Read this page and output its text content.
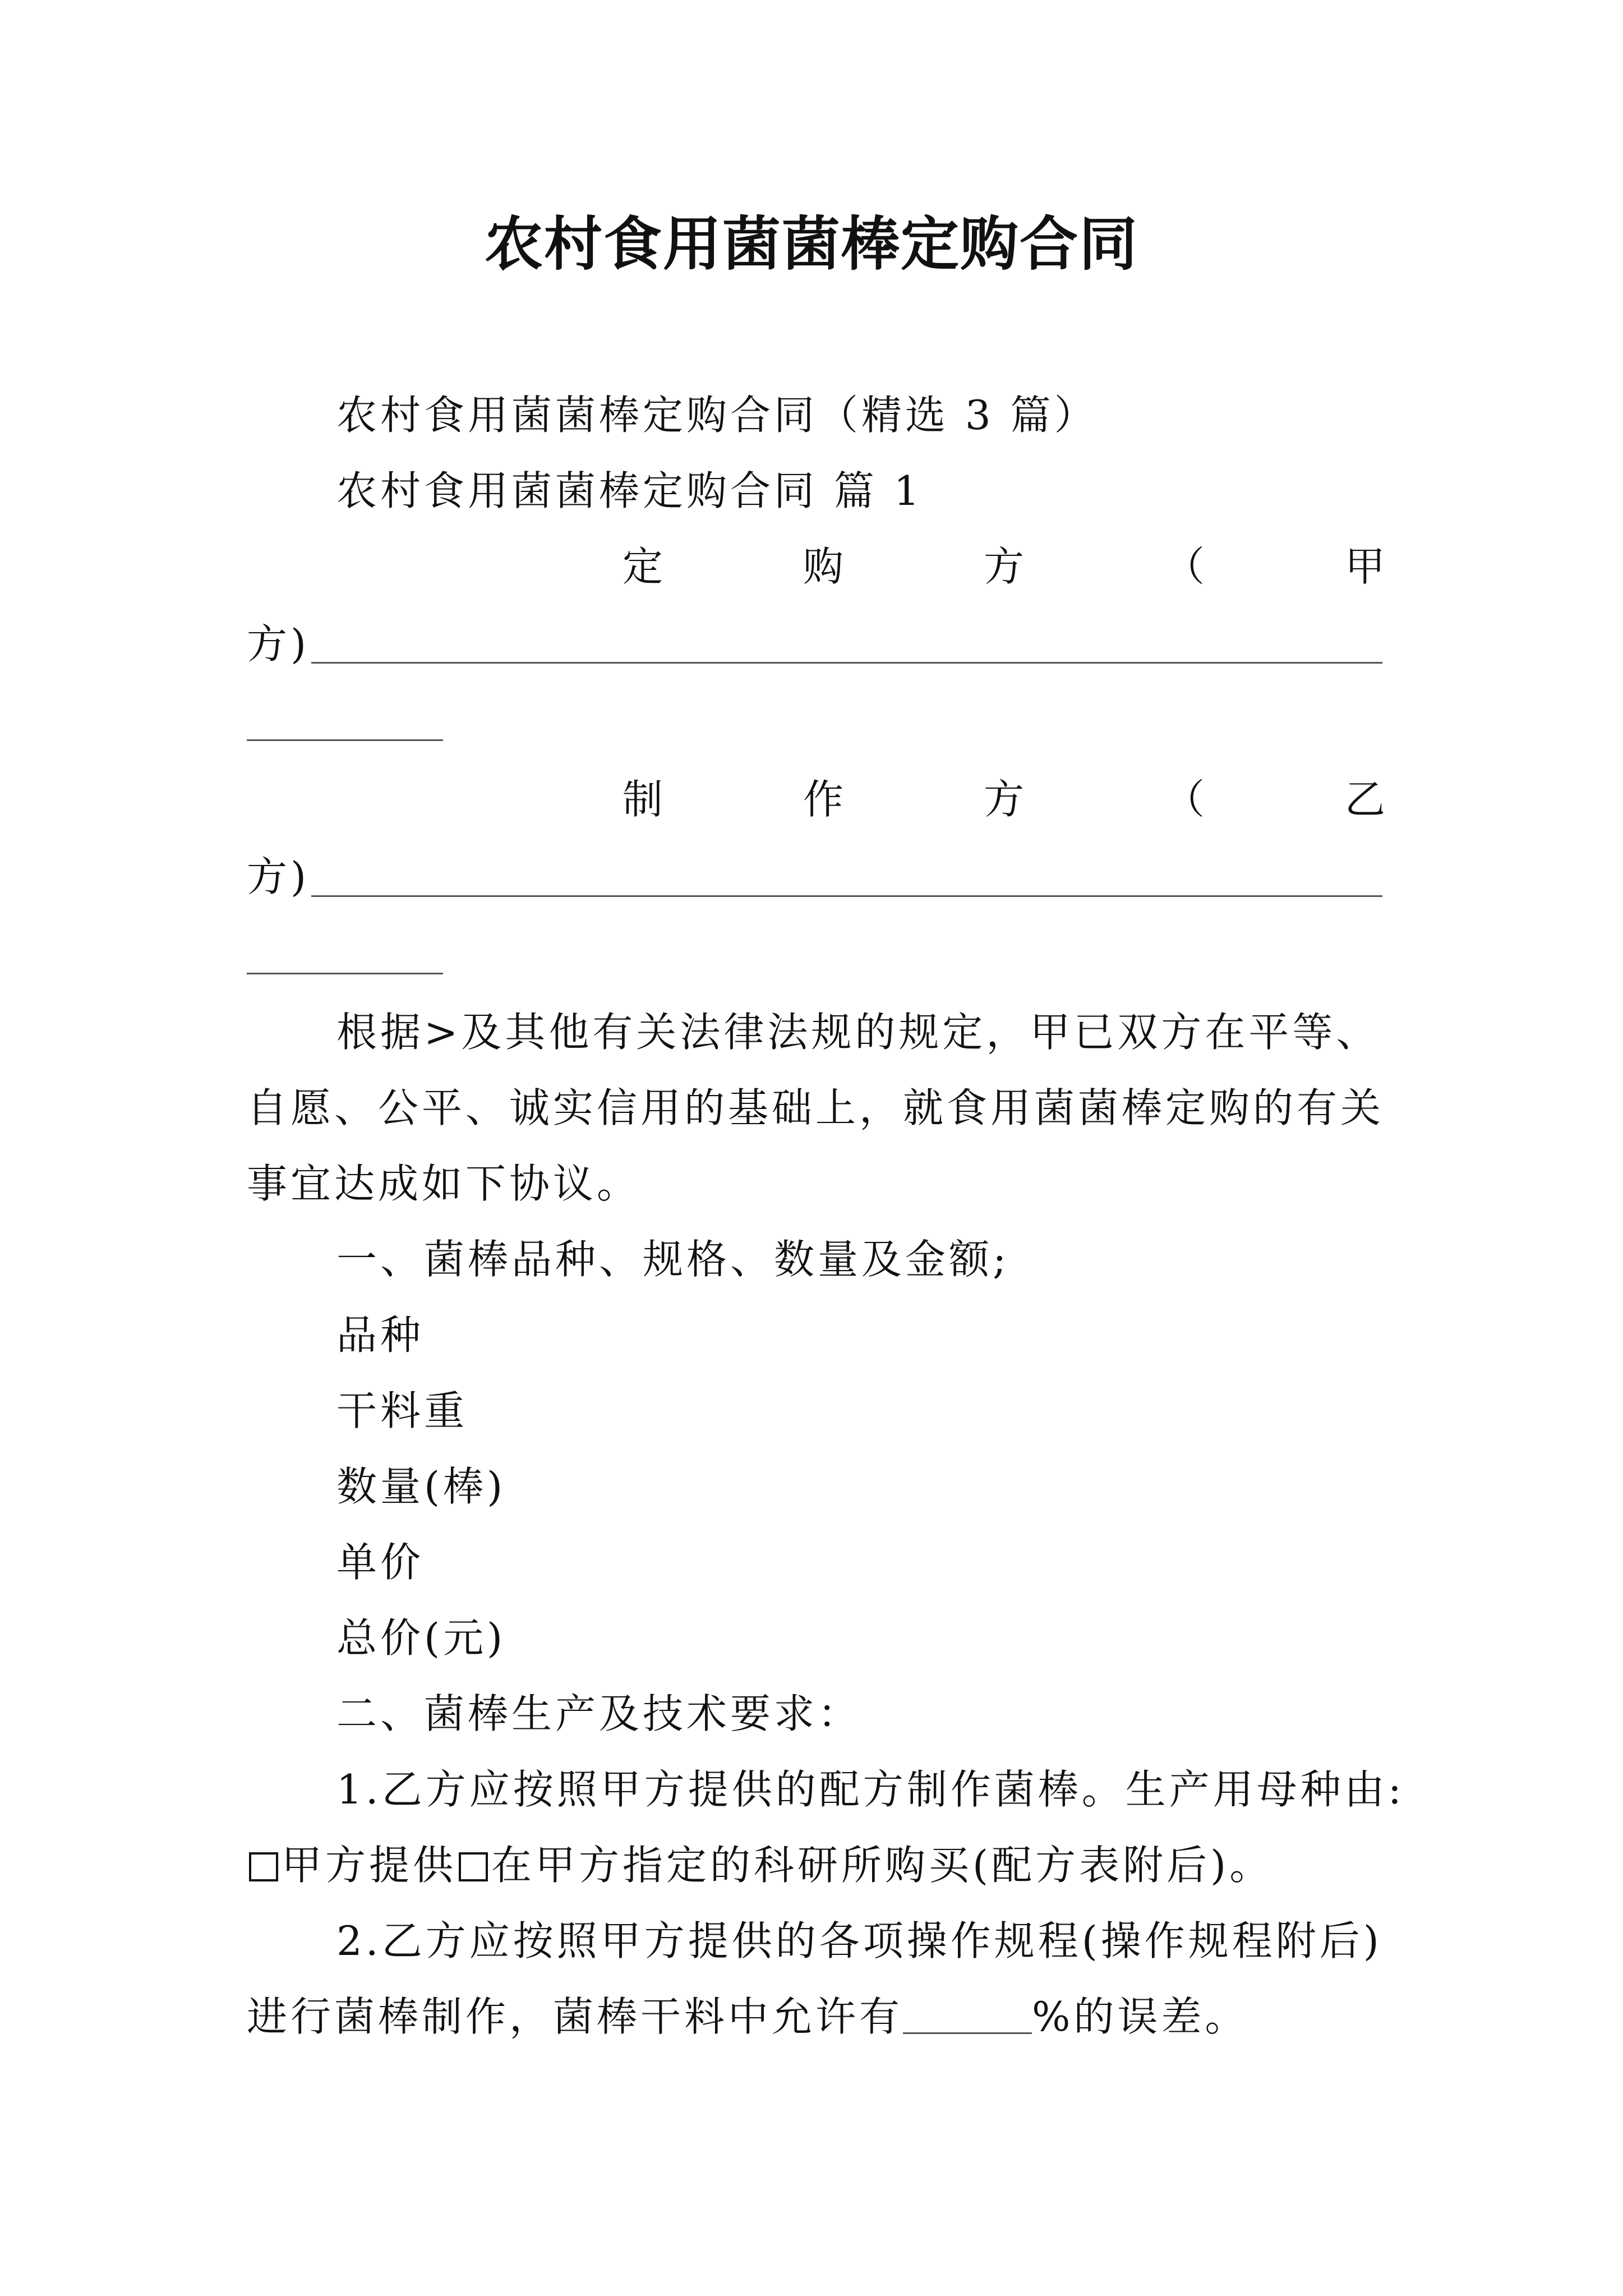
农村食用菌菌棒定购合同
农村食用菌菌棒定购合同（精选 3 篇）
农村食用菌菌棒定购合同 篇 1
定	购	方	（	甲
方)
制	作	方	（	乙
方)
根据>及其他有关法律法规的规定，甲已双方在平等、
自愿、公平、诚实信用的基础上，就食用菌菌棒定购的有关
事宜达成如下协议。
一、菌棒品种、规格、数量及金额;
品种
干料重
数量(棒)
单价
总价(元)
二、菌棒生产及技术要求：
1.乙方应按照甲方提供的配方制作菌棒。生产用母种由:
甲方提供 在甲方指定的科研所购买(配方表附后)。
2.乙方应按照甲方提供的各项操作规程(操作规程附后)
进行菌棒制作，菌棒干料中允许有	%的误差。
